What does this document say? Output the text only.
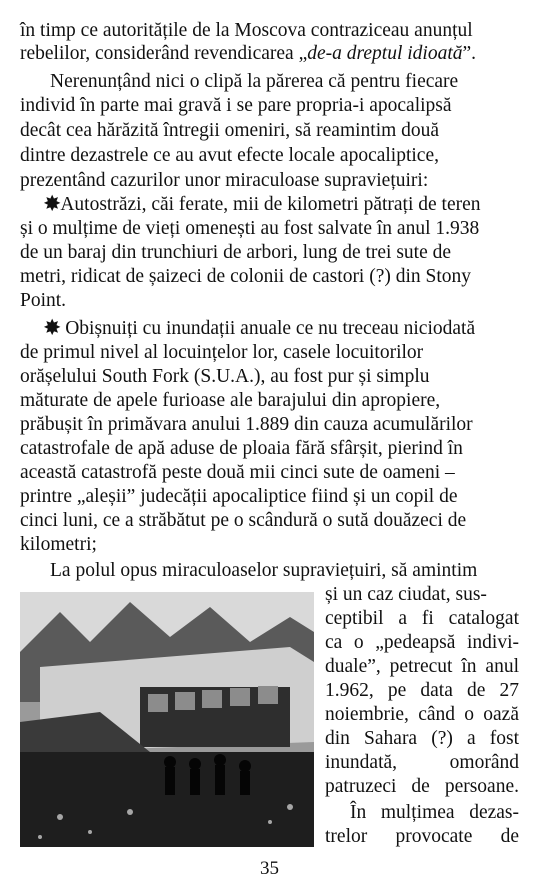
în timp ce autoritățile de la Moscova contraziceau anunțul
rebelilor, considerând revendicarea „de-a dreptul idioată”.
Nerenunțând nici o clipă la părerea că pentru fiecare
individ în parte mai gravă i se pare propria-i apocalipsă
decât cea hărăzită întregii omeniri, să reamintim două
dintre dezastrele ce au avut efecte locale apocaliptice,
prezentând cazurilor unor miraculoase supraviețuiri:
✸Autostrăzi, căi ferate, mii de kilometri pătrați de teren
și o mulțime de vieți omenești au fost salvate în anul 1.938
de un baraj din trunchiuri de arbori, lung de trei sute de
metri, ridicat de șaizeci de colonii de castori (?) din Stony
Point.
✸ Obișnuiți cu inundații anuale ce nu treceau niciodată
de primul nivel al locuințelor lor, casele locuitorilor
orășelului South Fork (S.U.A.), au fost pur și simplu
măturate de apele furioase ale barajului din apropiere,
prăbușit în primăvara anului 1.889 din cauza acumulărilor
catastrofale de apă aduse de ploaia fără sfârșit, pierind în
această catastrofă peste două mii cinci sute de oameni –
printre „aleșii” judecății apocaliptice fiind și un copil de
cinci luni, ce a străbătut pe o scândură o sută douăzeci de
kilometri;
La polul opus miraculoaselor supraviețuiri, să amintim
și un caz ciudat, sus-
ceptibil a fi catalogat
ca o „pedeapsă indivi-
duale”, petrecut în anul
1.962, pe data de 27
noiembrie, când o oază
din Sahara (?) a fost
inundată, omorând
patruzeci de persoane.
În mulțimea dezas-
trelor provocate de
35
